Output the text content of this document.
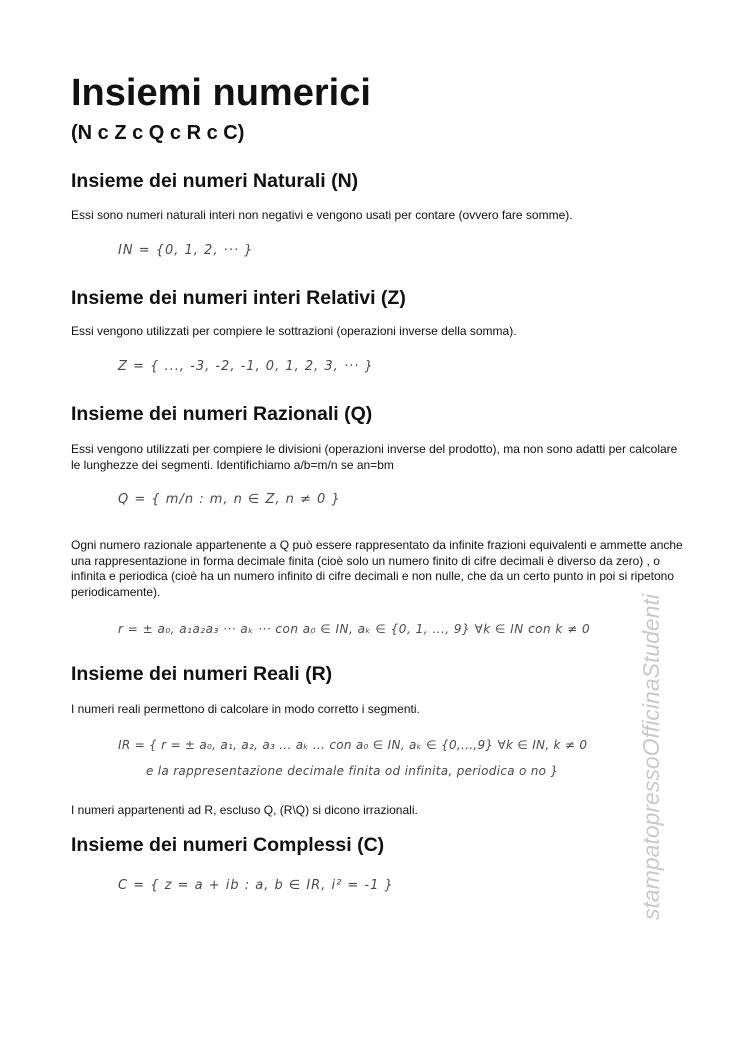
Insiemi numerici
(N c Z c Q c R c C)
Insieme dei numeri Naturali (N)

Essi sono numeri naturali interi non negativi e vengono usati per contare (ovvero fare somme).

IN = {0, 1, 2, ··· }
Insieme dei numeri interi Relativi (Z)

Essi vengono utilizzati per compiere le sottrazioni (operazioni inverse della somma).

Z = { ..., -3, -2, -1, 0, 1, 2, 3, ··· }
Insieme dei numeri Razionali (Q)

Essi vengono utilizzati per compiere le divisioni (operazioni inverse del prodotto), ma non sono adatti per calcolare le lunghezze dei segmenti. Identifichiamo a/b=m/n se an=bm

Q = { m/n : m, n ∈ Z, n ≠ 0 }

Ogni numero razionale appartenente a Q può essere rappresentato da infinite frazioni equivalenti e ammette anche una rappresentazione in forma decimale finita (cioè solo un numero finito di cifre decimali è diverso da zero) , o infinita e periodica (cioè ha un numero infinito di cifre decimali e non nulle, che da un certo punto in poi si ripetono periodicamente).

r = ± a₀, a₁a₂a₃ ··· aₖ ··· con a₀ ∈ IN, aₖ ∈ {0, 1, ..., 9} ∀k ∈ IN con k ≠ 0
Insieme dei numeri Reali (R)

I numeri reali permettono di calcolare in modo corretto i segmenti.

IR = { r = ± a₀, a₁, a₂, a₃ ... aₖ ... con a₀ ∈ IN, aₖ ∈ {0,...,9} ∀k ∈ IN, k ≠ 0
e la rappresentazione decimale finita od infinita, periodica o no }

I numeri appartenenti ad R, escluso Q, (R\Q) si dicono irrazionali.

Insieme dei numeri Complessi (C)
C = { z = a + ib : a, b ∈ IR, i² = -1 }	stampatopressoOfficinaStudenti
